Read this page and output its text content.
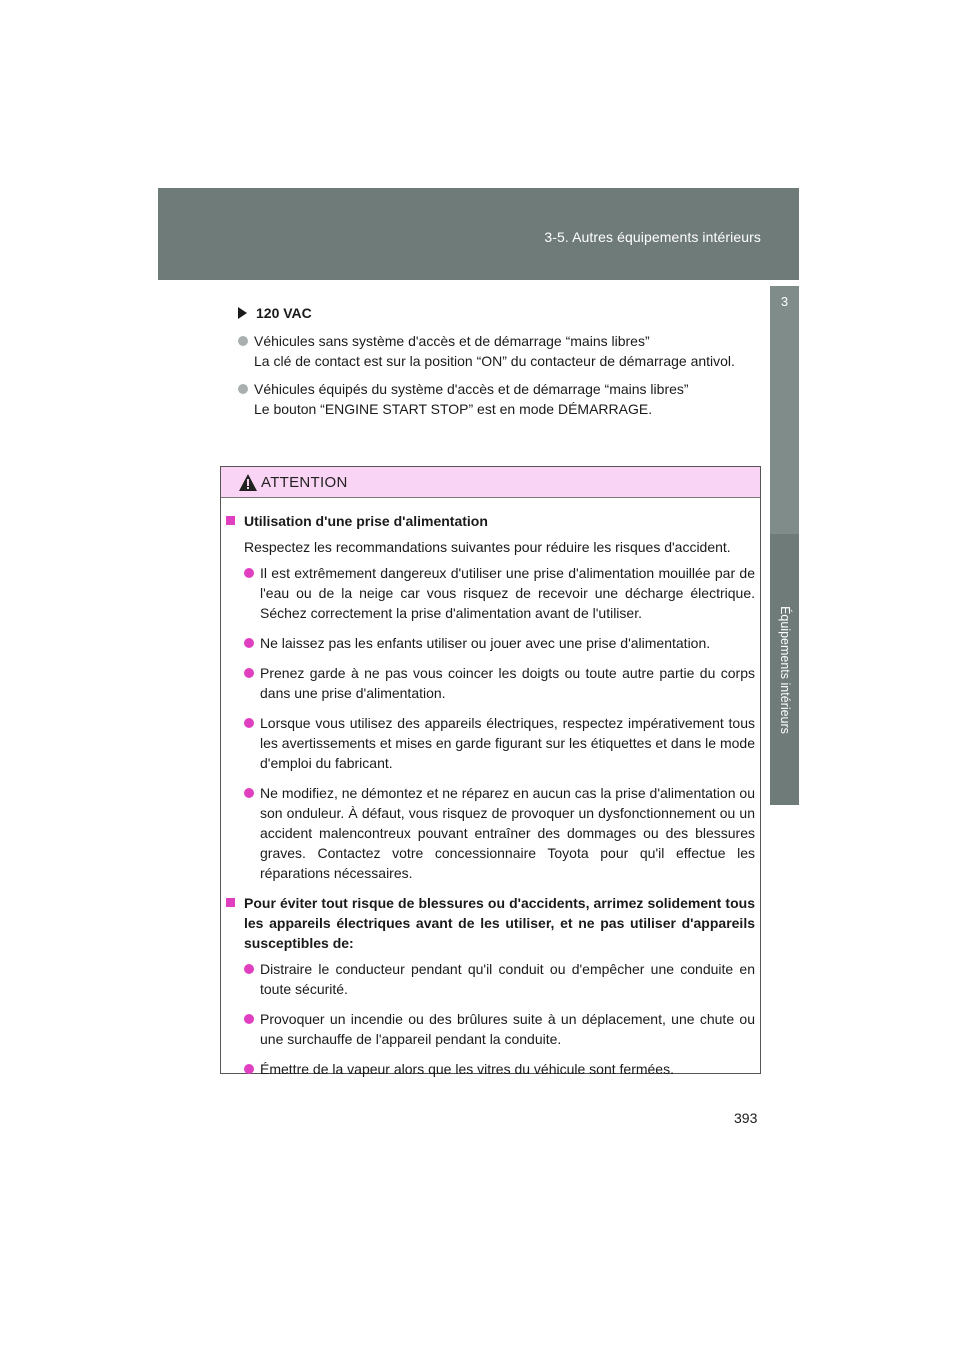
3-5. Autres équipements intérieurs
3
Équipements intérieurs
120 VAC
Véhicules sans système d'accès et de démarrage “mains libres”
La clé de contact est sur la position “ON” du contacteur de démarrage antivol.
Véhicules équipés du système d'accès et de démarrage “mains libres”
Le bouton “ENGINE START STOP” est en mode DÉMARRAGE.
ATTENTION
Utilisation d'une prise d'alimentation
Respectez les recommandations suivantes pour réduire les risques d'accident.
Il est extrêmement dangereux d'utiliser une prise d'alimentation mouillée par de l'eau ou de la neige car vous risquez de recevoir une décharge électrique. Séchez correctement la prise d'alimentation avant de l'utiliser.
Ne laissez pas les enfants utiliser ou jouer avec une prise d'alimentation.
Prenez garde à ne pas vous coincer les doigts ou toute autre partie du corps dans une prise d'alimentation.
Lorsque vous utilisez des appareils électriques, respectez impérativement tous les avertissements et mises en garde figurant sur les étiquettes et dans le mode d'emploi du fabricant.
Ne modifiez, ne démontez et ne réparez en aucun cas la prise d'alimentation ou son onduleur. À défaut, vous risquez de provoquer un dysfonctionnement ou un accident malencontreux pouvant entraîner des dommages ou des blessures graves. Contactez votre concessionnaire Toyota pour qu'il effectue les réparations nécessaires.
Pour éviter tout risque de blessures ou d'accidents, arrimez solidement tous les appareils électriques avant de les utiliser, et ne pas utiliser d'appareils susceptibles de:
Distraire le conducteur pendant qu'il conduit ou d'empêcher une conduite en toute sécurité.
Provoquer un incendie ou des brûlures suite à un déplacement, une chute ou une surchauffe de l'appareil pendant la conduite.
Émettre de la vapeur alors que les vitres du véhicule sont fermées.
393
